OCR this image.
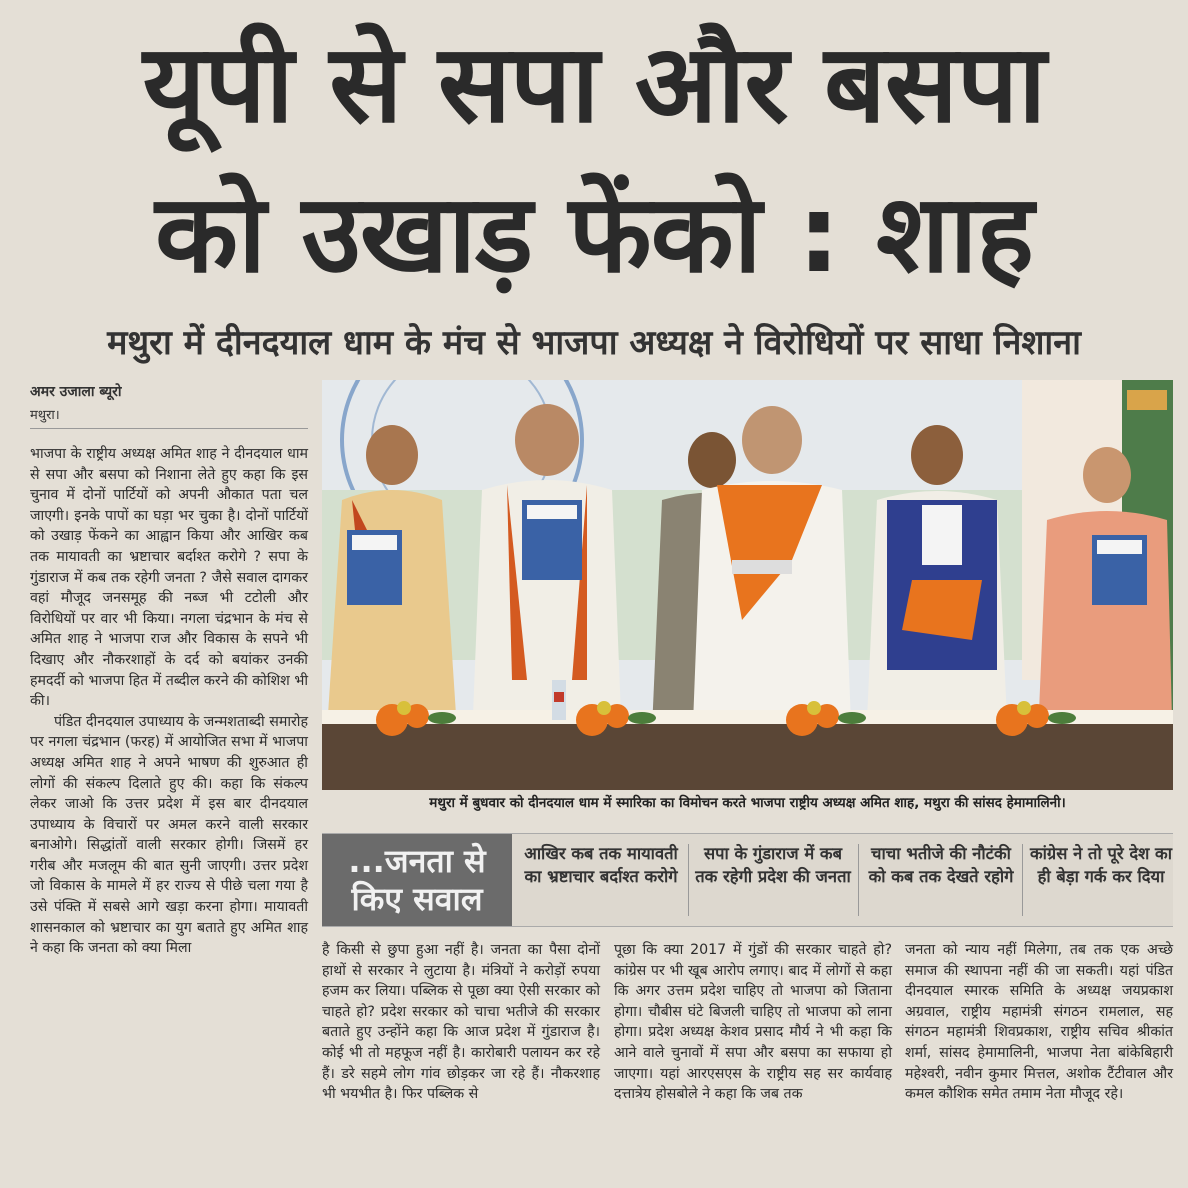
यूपी से सपा और बसपा
को उखाड़ फेंको : शाह
मथुरा में दीनदयाल धाम के मंच से भाजपा अध्यक्ष ने विरोधियों पर साधा निशाना
अमर उजाला ब्यूरो
मथुरा।

भाजपा के राष्ट्रीय अध्यक्ष अमित शाह ने दीनदयाल धाम से सपा और बसपा को निशाना लेते हुए कहा कि इस चुनाव में दोनों पार्टियों को अपनी औकात पता चल जाएगी। इनके पापों का घड़ा भर चुका है। दोनों पार्टियों को उखाड़ फेंकने का आह्वान किया और आखिर कब तक मायावती का भ्रष्टाचार बर्दाश्त करोगे ? सपा के गुंडाराज में कब तक रहेगी जनता ? जैसे सवाल दागकर वहां मौजूद जनसमूह की नब्ज भी टटोली और विरोधियों पर वार भी किया। नगला चंद्रभान के मंच से अमित शाह ने भाजपा राज और विकास के सपने भी दिखाए और नौकरशाहों के दर्द को बयांकर उनकी हमदर्दी को भाजपा हित में तब्दील करने की कोशिश भी की।

पंडित दीनदयाल उपाध्याय के जन्मशताब्दी समारोह पर नगला चंद्रभान (फरह) में आयोजित सभा में भाजपा अध्यक्ष अमित शाह ने अपने भाषण की शुरुआत ही लोगों की संकल्प दिलाते हुए की। कहा कि संकल्प लेकर जाओ कि उत्तर प्रदेश में इस बार दीनदयाल उपाध्याय के विचारों पर अमल करने वाली सरकार बनाओगे। सिद्धांतों वाली सरकार होगी। जिसमें हर गरीब और मजलूम की बात सुनी जाएगी। उत्तर प्रदेश जो विकास के मामले में हर राज्य से पीछे चला गया है उसे पंक्ति में सबसे आगे खड़ा करना होगा। मायावती शासनकाल को भ्रष्टाचार का युग बताते हुए अमित शाह ने कहा कि जनता को क्या मिला

मथुरा में बुधवार को दीनदयाल धाम में स्मारिका का विमोचन करते भाजपा राष्ट्रीय अध्यक्ष अमित शाह, मथुरा की सांसद हेमामालिनी।
...जनता से
किए सवाल
आखिर कब तक मायावती का भ्रष्टाचार बर्दाश्त करोगे
सपा के गुंडाराज में कब तक रहेगी प्रदेश की जनता
चाचा भतीजे की नौटंकी को कब तक देखते रहोगे
कांग्रेस ने तो पूरे देश का ही बेड़ा गर्क कर दिया

है किसी से छुपा हुआ नहीं है। जनता का पैसा दोनों हाथों से सरकार ने लुटाया है। मंत्रियों ने करोड़ों रुपया हजम कर लिया। पब्लिक से पूछा क्या ऐसी सरकार को चाहते हो? प्रदेश सरकार को चाचा भतीजे की सरकार बताते हुए उन्होंने कहा कि आज प्रदेश में गुंडाराज है। कोई भी तो महफूज नहीं है। कारोबारी पलायन कर रहे हैं। डरे सहमे लोग गांव छोड़कर जा रहे हैं। नौकरशाह भी भयभीत है। फिर पब्लिक से

पूछा कि क्या 2017 में गुंडों की सरकार चाहते हो? कांग्रेस पर भी खूब आरोप लगाए। बाद में लोगों से कहा कि अगर उत्तम प्रदेश चाहिए तो भाजपा को जिताना होगा। चौबीस घंटे बिजली चाहिए तो भाजपा को लाना होगा। प्रदेश अध्यक्ष केशव प्रसाद मौर्य ने भी कहा कि आने वाले चुनावों में सपा और बसपा का सफाया हो जाएगा। यहां आरएसएस के राष्ट्रीय सह सर कार्यवाह दत्तात्रेय होसबोले ने कहा कि जब तक

जनता को न्याय नहीं मिलेगा, तब तक एक अच्छे समाज की स्थापना नहीं की जा सकती। यहां पंडित दीनदयाल स्मारक समिति के अध्यक्ष जयप्रकाश अग्रवाल, राष्ट्रीय महामंत्री संगठन रामलाल, सह संगठन महामंत्री शिवप्रकाश, राष्ट्रीय सचिव श्रीकांत शर्मा, सांसद हेमामालिनी, भाजपा नेता बांकेबिहारी महेश्वरी, नवीन कुमार मित्तल, अशोक टैंटीवाल और कमल कौशिक समेत तमाम नेता मौजूद रहे।
